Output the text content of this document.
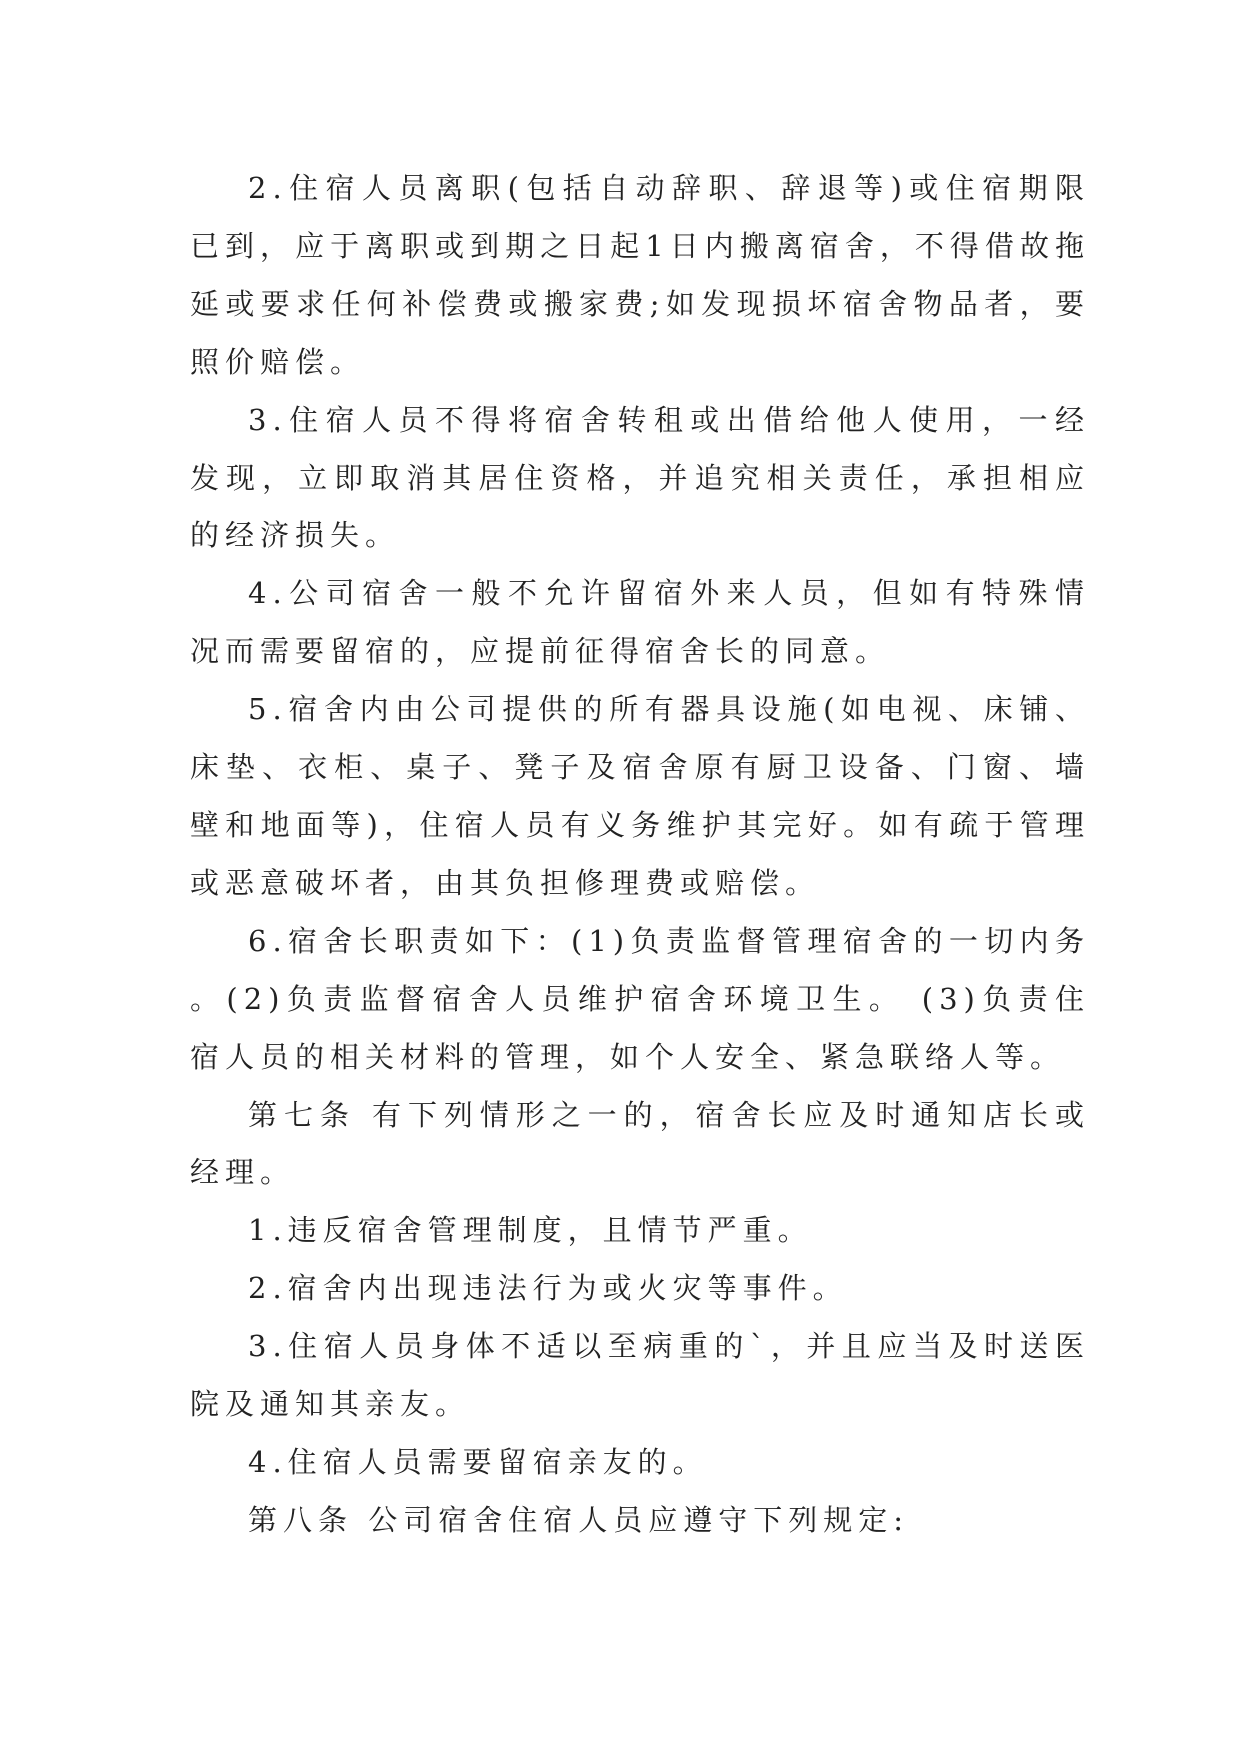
2.住宿人员离职(包括自动辞职、辞退等)或住宿期限已到，应于离职或到期之日起1日内搬离宿舍，不得借故拖延或要求任何补偿费或搬家费;如发现损坏宿舍物品者，要照价赔偿。

3.住宿人员不得将宿舍转租或出借给他人使用，一经发现，立即取消其居住资格，并追究相关责任，承担相应的经济损失。

4.公司宿舍一般不允许留宿外来人员，但如有特殊情况而需要留宿的，应提前征得宿舍长的同意。

5.宿舍内由公司提供的所有器具设施(如电视、床铺、床垫、衣柜、桌子、凳子及宿舍原有厨卫设备、门窗、墙壁和地面等)，住宿人员有义务维护其完好。如有疏于管理或恶意破坏者，由其负担修理费或赔偿。

6.宿舍长职责如下：(1)负责监督管理宿舍的一切内务。(2)负责监督宿舍人员维护宿舍环境卫生。 (3)负责住宿人员的相关材料的管理，如个人安全、紧急联络人等。

第七条 有下列情形之一的，宿舍长应及时通知店长或经理。

1.违反宿舍管理制度，且情节严重。

2.宿舍内出现违法行为或火灾等事件。

3.住宿人员身体不适以至病重的`，并且应当及时送医院及通知其亲友。

4.住宿人员需要留宿亲友的。

第八条 公司宿舍住宿人员应遵守下列规定:
